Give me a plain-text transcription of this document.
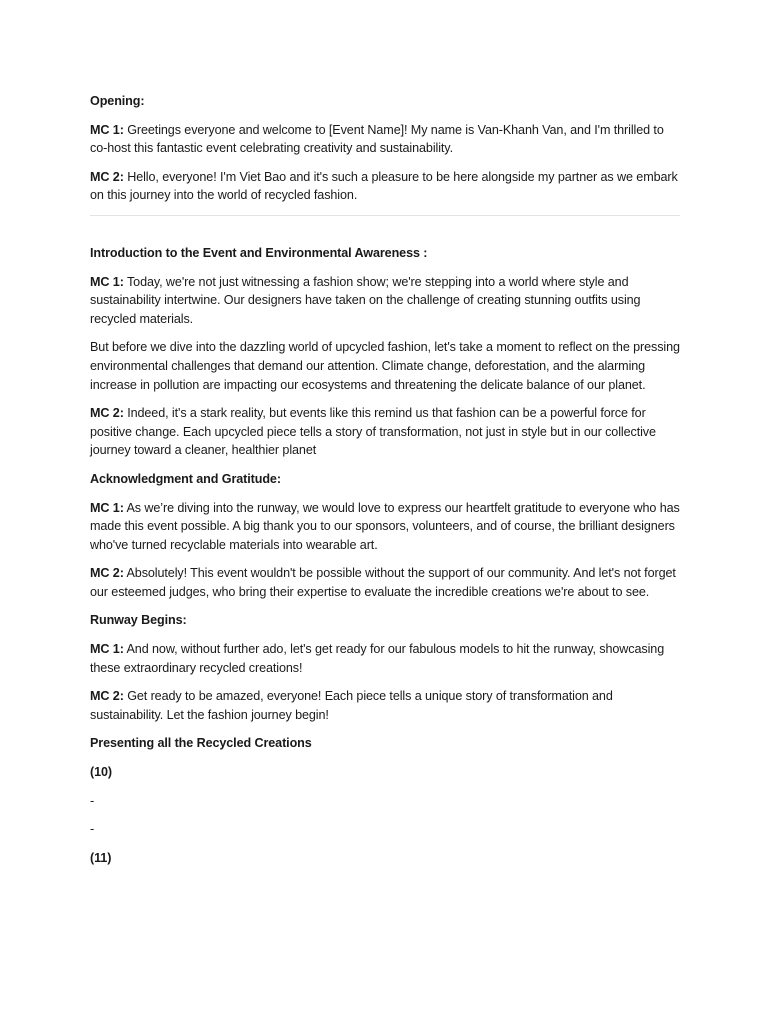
Opening:
MC 1: Greetings everyone and welcome to [Event Name]! My name is Van-Khanh Van, and I'm thrilled to co-host this fantastic event celebrating creativity and sustainability.
MC 2: Hello, everyone! I'm Viet Bao and it's such a pleasure to be here alongside my partner as we embark on this journey into the world of recycled fashion.
Introduction to the Event and Environmental Awareness :
MC 1: Today, we're not just witnessing a fashion show; we're stepping into a world where style and sustainability intertwine. Our designers have taken on the challenge of creating stunning outfits using recycled materials.
But before we dive into the dazzling world of upcycled fashion, let's take a moment to reflect on the pressing environmental challenges that demand our attention. Climate change, deforestation, and the alarming increase in pollution are impacting our ecosystems and threatening the delicate balance of our planet.
MC 2: Indeed, it's a stark reality, but events like this remind us that fashion can be a powerful force for positive change. Each upcycled piece tells a story of transformation, not just in style but in our collective journey toward a cleaner, healthier planet
Acknowledgment and Gratitude:
MC 1: As we’re diving into the runway, we would love to express our heartfelt gratitude to everyone who has made this event possible. A big thank you to our sponsors, volunteers, and of course, the brilliant designers who've turned recyclable materials into wearable art.
MC 2: Absolutely! This event wouldn't be possible without the support of our community. And let's not forget our esteemed judges, who bring their expertise to evaluate the incredible creations we're about to see.
Runway Begins:
MC 1: And now, without further ado, let's get ready for our fabulous models to hit the runway, showcasing these extraordinary recycled creations!
MC 2: Get ready to be amazed, everyone! Each piece tells a unique story of transformation and sustainability. Let the fashion journey begin!
Presenting all the Recycled Creations
(10)
-
-
(11)
